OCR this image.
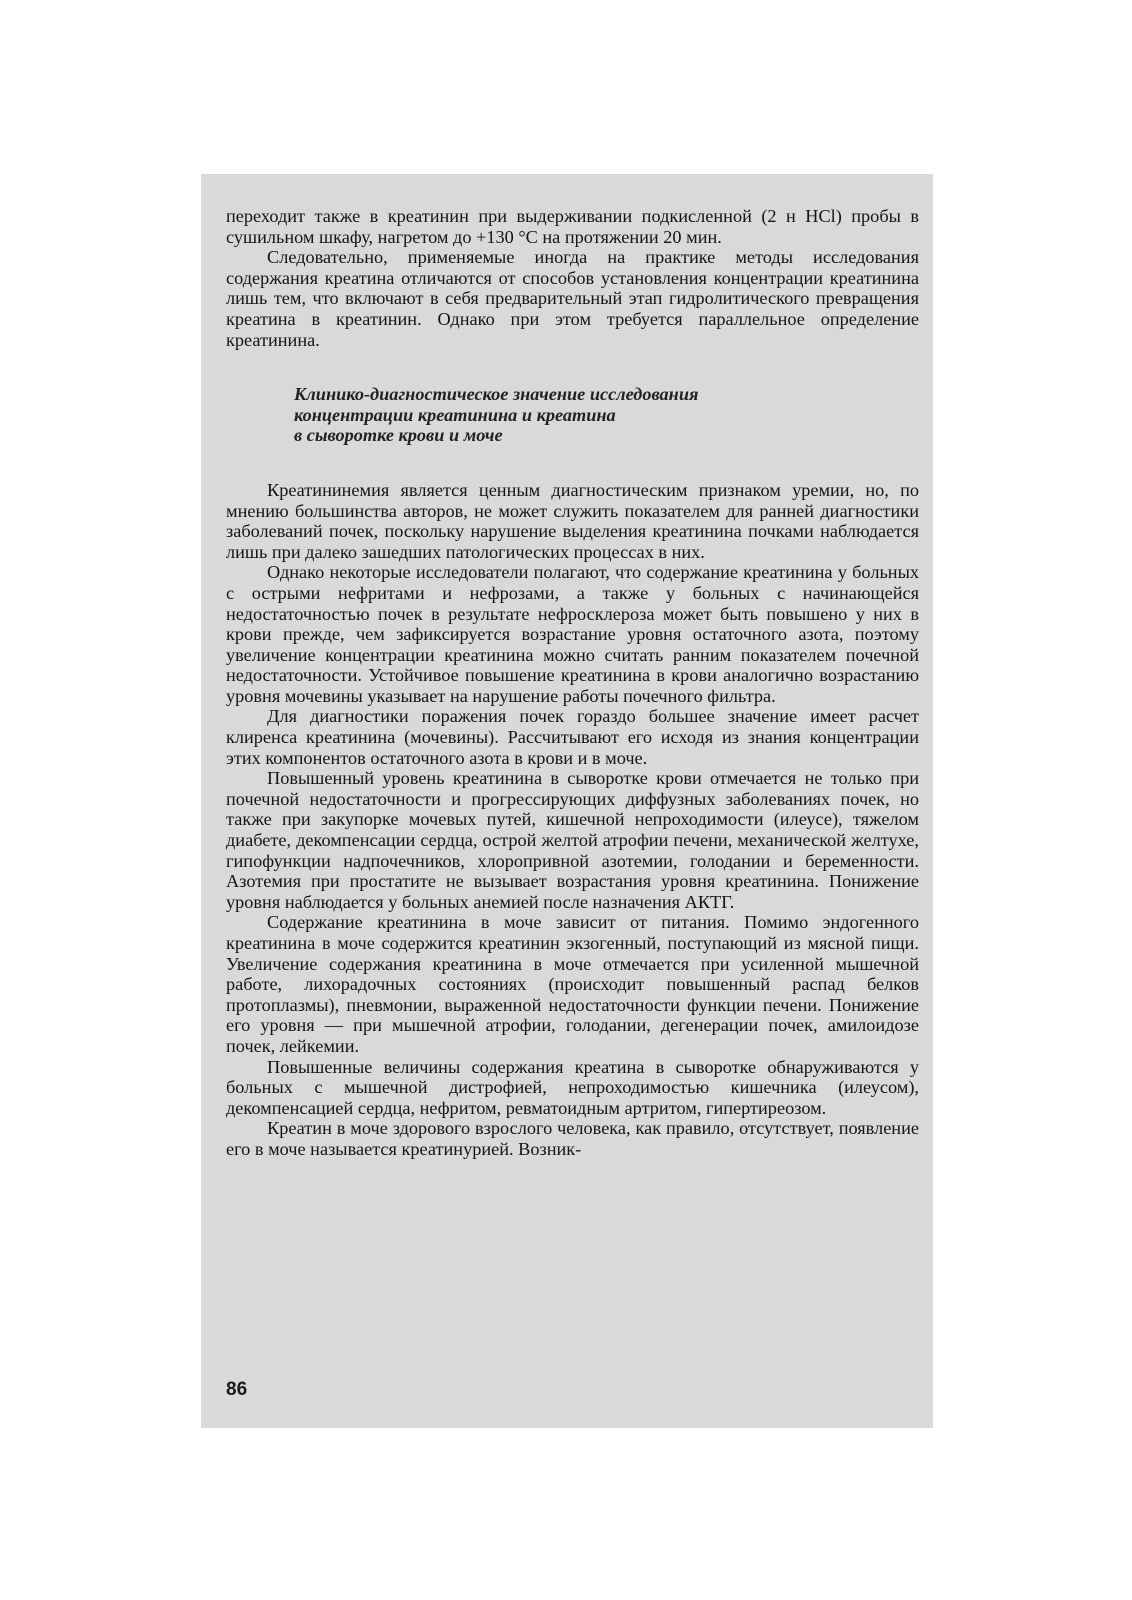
переходит также в креатинин при выдерживании подкисленной (2 н HCl) пробы в сушильном шкафу, нагретом до +130 °С на протяжении 20 мин.

Следовательно, применяемые иногда на практике методы исследования содержания креатина отличаются от способов установления концентрации креатинина лишь тем, что включают в себя предварительный этап гидролитического превращения креатина в креатинин. Однако при этом требуется параллельное определение креатинина.

Клинико-диагностическое значение исследования
концентрации креатинина и креатина
в сыворотке крови и моче

Креатининемия является ценным диагностическим признаком уремии, но, по мнению большинства авторов, не может служить показателем для ранней диагностики заболеваний почек, поскольку нарушение выделения креатинина почками наблюдается лишь при далеко зашедших патологических процессах в них.

Однако некоторые исследователи полагают, что содержание креатинина у больных с острыми нефритами и нефрозами, а также у больных с начинающейся недостаточностью почек в результате нефросклероза может быть повышено у них в крови прежде, чем зафиксируется возрастание уровня остаточного азота, поэтому увеличение концентрации креатинина можно считать ранним показателем почечной недостаточности. Устойчивое повышение креатинина в крови аналогично возрастанию уровня мочевины указывает на нарушение работы почечного фильтра.

Для диагностики поражения почек гораздо большее значение имеет расчет клиренса креатинина (мочевины). Рассчитывают его исходя из знания концентрации этих компонентов остаточного азота в крови и в моче.

Повышенный уровень креатинина в сыворотке крови отмечается не только при почечной недостаточности и прогрессирующих диффузных заболеваниях почек, но также при закупорке мочевых путей, кишечной непроходимости (илеусе), тяжелом диабете, декомпенсации сердца, острой желтой атрофии печени, механической желтухе, гипофункции надпочечников, хлоропривной азотемии, голодании и беременности. Азотемия при простатите не вызывает возрастания уровня креатинина. Понижение уровня наблюдается у больных анемией после назначения АКТГ.

Содержание креатинина в моче зависит от питания. Помимо эндогенного креатинина в моче содержится креатинин экзогенный, поступающий из мясной пищи. Увеличение содержания креатинина в моче отмечается при усиленной мышечной работе, лихорадочных состояниях (происходит повышенный распад белков протоплазмы), пневмонии, выраженной недостаточности функции печени. Понижение его уровня — при мышечной атрофии, голодании, дегенерации почек, амилоидозе почек, лейкемии.

Повышенные величины содержания креатина в сыворотке обнаруживаются у больных с мышечной дистрофией, непроходимостью кишечника (илеусом), декомпенсацией сердца, нефритом, ревматоидным артритом, гипертиреозом.

Креатин в моче здорового взрослого человека, как правило, отсутствует, появление его в моче называется креатинурией. Возник-

86
